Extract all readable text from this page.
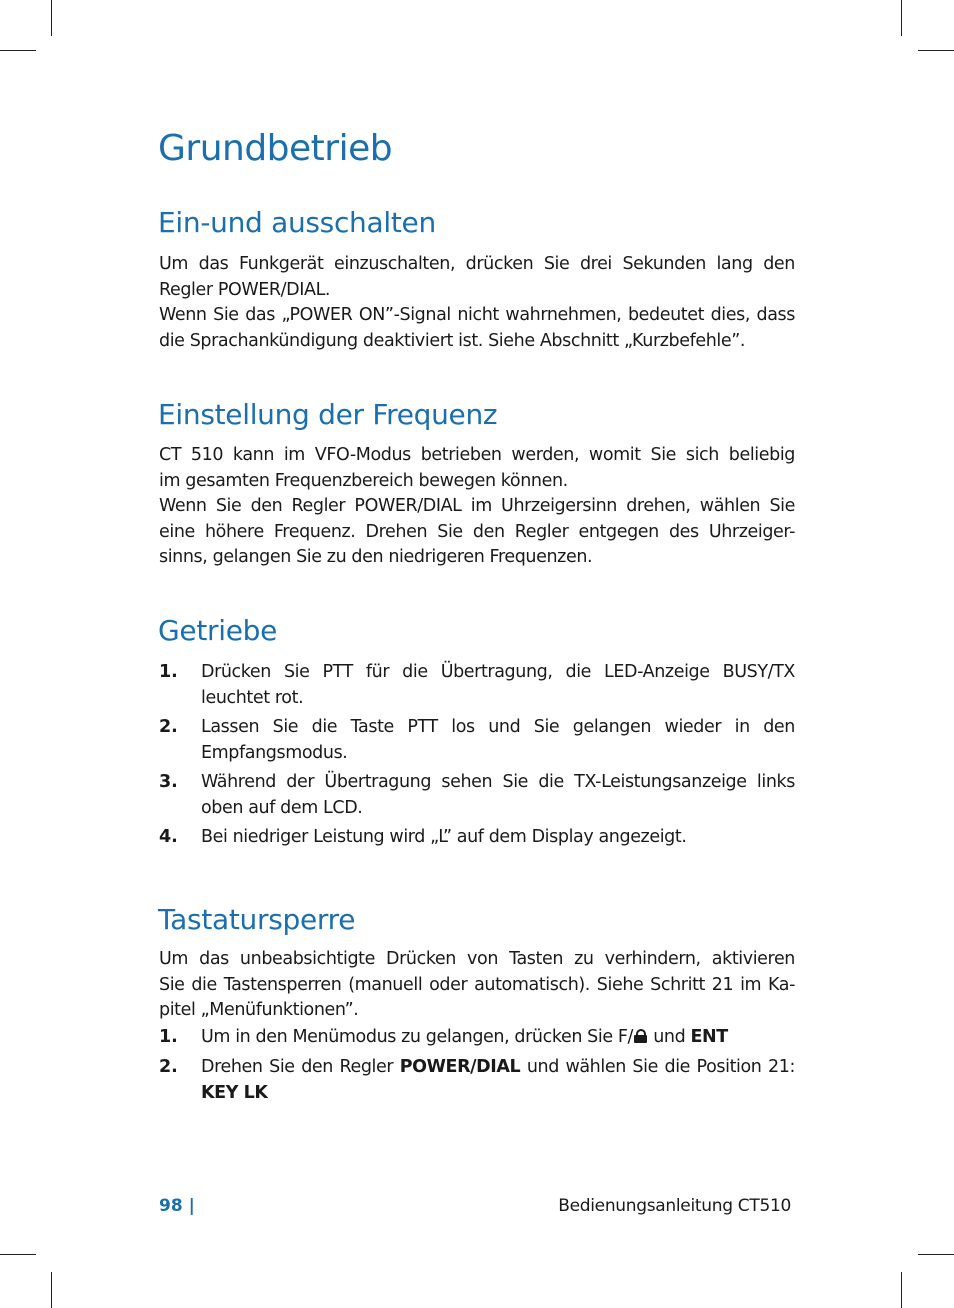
Grundbetrieb
Ein-und ausschalten

Um das Funkgerät einzuschalten, drücken Sie drei Sekunden lang den
Regler POWER/DIAL.
Wenn Sie das „POWER ON”-Signal nicht wahrnehmen, bedeutet dies, dass
die Sprachankündigung deaktiviert ist. Siehe Abschnitt „Kurzbefehle”.

Einstellung der Frequenz

CT 510 kann im VFO-Modus betrieben werden, womit Sie sich beliebig
im gesamten Frequenzbereich bewegen können.
Wenn Sie den Regler POWER/DIAL im Uhrzeigersinn drehen, wählen Sie
eine höhere Frequenz. Drehen Sie den Regler entgegen des Uhrzeiger-
sinns, gelangen Sie zu den niedrigeren Frequenzen.

Getriebe
1. Drücken Sie PTT für die Übertragung, die LED-Anzeige BUSY/TX leuchtet rot.
2. Lassen Sie die Taste PTT los und Sie gelangen wieder in den Empfangsmodus.
3. Während der Übertragung sehen Sie die TX-Leistungsanzeige links oben auf dem LCD.
4. Bei niedriger Leistung wird „L” auf dem Display angezeigt.
Tastatursperre

Um das unbeabsichtigte Drücken von Tasten zu verhindern, aktivieren
Sie die Tastensperren (manuell oder automatisch). Siehe Schritt 21 im Ka-
pitel „Menüfunktionen”.

1. Um in den Menümodus zu gelangen, drücken Sie F/
und ENT
2. Drehen Sie den Regler POWER/DIAL und wählen Sie die Position 21: KEY LK
98 |	Bedienungsanleitung CT510
